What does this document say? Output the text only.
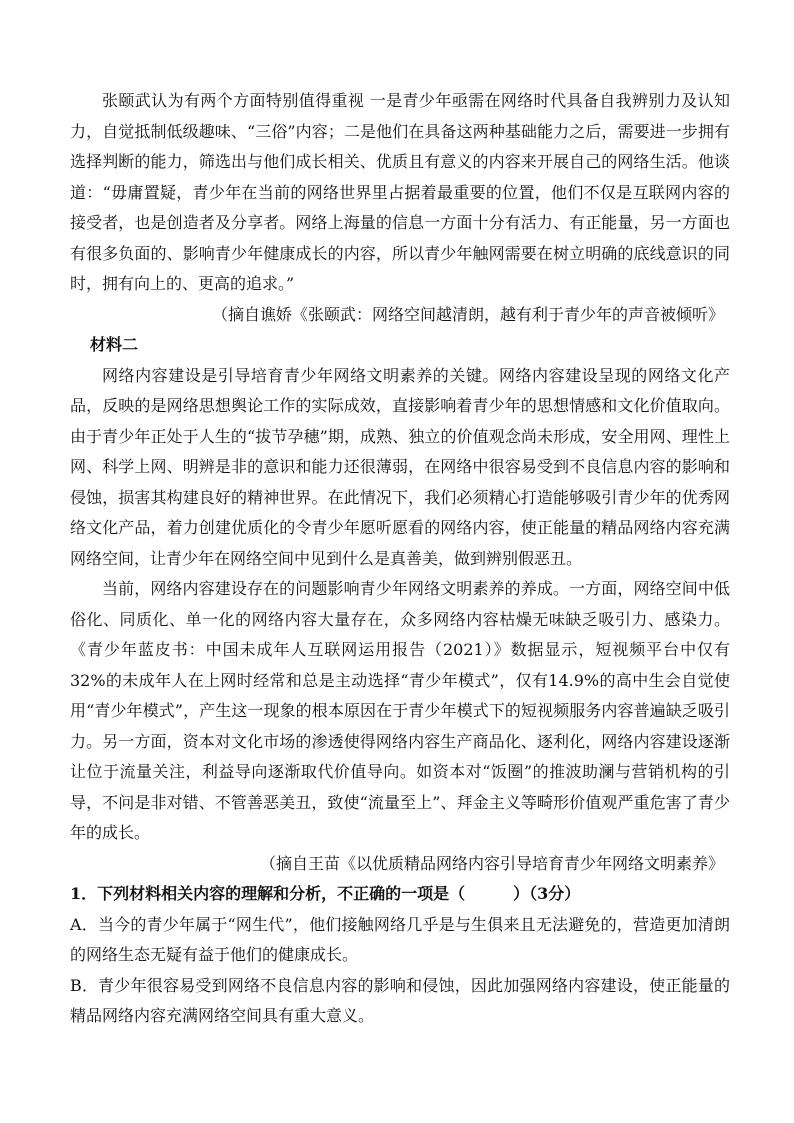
张颐武认为有两个方面特别值得重视 一是青少年亟需在网络时代具备自我辨别力及认知力，自觉抵制低级趣味、“三俗”内容；二是他们在具备这两种基础能力之后，需要进一步拥有选择判断的能力，筛选出与他们成长相关、优质且有意义的内容来开展自己的网络生活。他谈道：“毋庸置疑，青少年在当前的网络世界里占据着最重要的位置，他们不仅是互联网内容的接受者，也是创造者及分享者。网络上海量的信息一方面十分有活力、有正能量，另一方面也有很多负面的、影响青少年健康成长的内容，所以青少年触网需要在树立明确的底线意识的同时，拥有向上的、更高的追求。”

（摘自谯娇《张颐武：网络空间越清朗，越有利于青少年的声音被倾听》

材料二

网络内容建设是引导培育青少年网络文明素养的关键。网络内容建设呈现的网络文化产品，反映的是网络思想舆论工作的实际成效，直接影响着青少年的思想情感和文化价值取向。由于青少年正处于人生的“拔节孕穗”期，成熟、独立的价值观念尚未形成，安全用网、理性上网、科学上网、明辨是非的意识和能力还很薄弱，在网络中很容易受到不良信息内容的影响和侵蚀，损害其构建良好的精神世界。在此情况下，我们必须精心打造能够吸引青少年的优秀网络文化产品，着力创建优质化的令青少年愿听愿看的网络内容，使正能量的精品网络内容充满网络空间，让青少年在网络空间中见到什么是真善美，做到辨别假恶丑。

当前，网络内容建设存在的问题影响青少年网络文明素养的养成。一方面，网络空间中低俗化、同质化、单一化的网络内容大量存在，众多网络内容枯燥无味缺乏吸引力、感染力。《青少年蓝皮书：中国未成年人互联网运用报告（2021）》数据显示，短视频平台中仅有32%的未成年人在上网时经常和总是主动选择“青少年模式”，仅有14.9%的高中生会自觉使用“青少年模式”，产生这一现象的根本原因在于青少年模式下的短视频服务内容普遍缺乏吸引力。另一方面，资本对文化市场的渗透使得网络内容生产商品化、逐利化，网络内容建设逐渐让位于流量关注，利益导向逐渐取代价值导向。如资本对“饭圈”的推波助澜与营销机构的引导，不问是非对错、不管善恶美丑，致使“流量至上”、拜金主义等畸形价值观严重危害了青少年的成长。

（摘自王苗《以优质精品网络内容引导培育青少年网络文明素养》

1．下列材料相关内容的理解和分析，不正确的一项是（　　　）（3分）

A．当今的青少年属于“网生代”，他们接触网络几乎是与生俱来且无法避免的，营造更加清朗的网络生态无疑有益于他们的健康成长。

B．青少年很容易受到网络不良信息内容的影响和侵蚀，因此加强网络内容建设，使正能量的精品网络内容充满网络空间具有重大意义。
